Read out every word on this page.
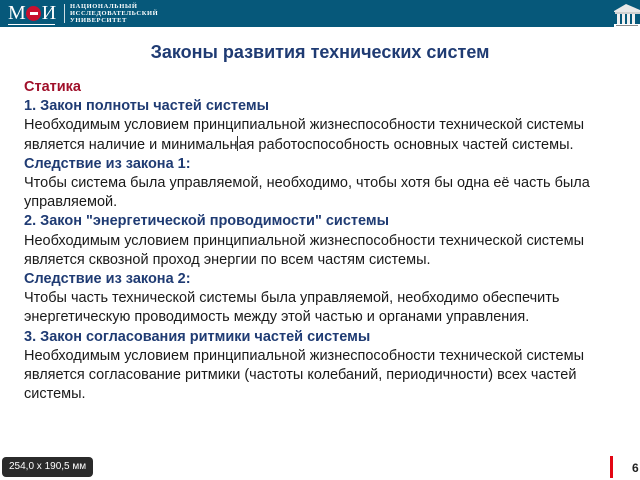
М И НАЦИОНАЛЬНЫЙ
ИССЛЕДОВАТЕЛЬСКИЙ
УНИВЕРСИТЕТ
Законы развития технических систем

Статика

1. Закон полноты частей системы

Необходимым условием принципиальной жизнеспособности технической системы

является наличие и минимальная работоспособность основных частей системы.

Следствие из закона 1:

Чтобы система была управляемой, необходимо, чтобы хотя бы одна её часть была

управляемой.

2. Закон "энергетической проводимости" системы

Необходимым условием принципиальной жизнеспособности технической системы

является сквозной проход энергии по всем частям системы.

Следствие из закона 2:

Чтобы часть технической системы была управляемой, необходимо обеспечить

энергетическую проводимость между этой частью и органами управления.

3. Закон согласования ритмики частей системы

Необходимым условием принципиальной жизнеспособности технической системы

является согласование ритмики (частоты колебаний, периодичности) всех частей

системы.

254,0 x 190,5 мм	6
